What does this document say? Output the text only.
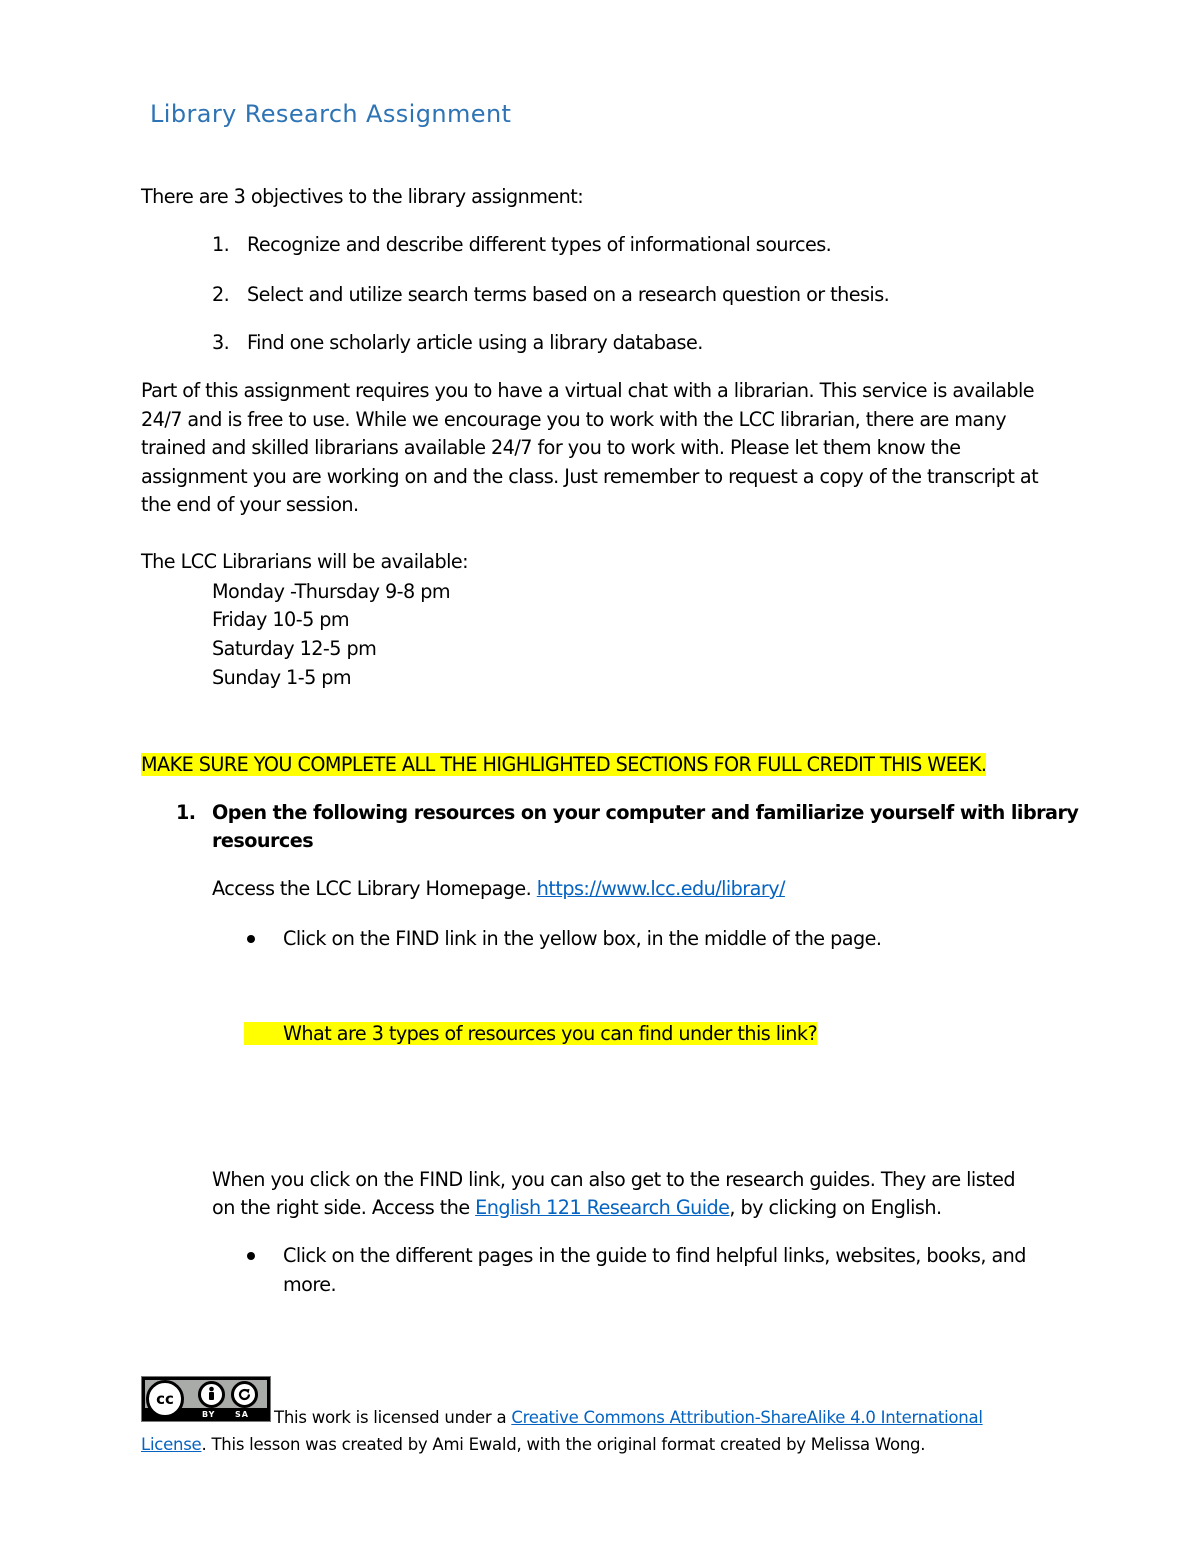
Library Research Assignment
There are 3 objectives to the library assignment:
1. Recognize and describe different types of informational sources.
2. Select and utilize search terms based on a research question or thesis.
3. Find one scholarly article using a library database.
Part of this assignment requires you to have a virtual chat with a librarian. This service is available 24/7 and is free to use. While we encourage you to work with the LCC librarian, there are many trained and skilled librarians available 24/7 for you to work with. Please let them know the assignment you are working on and the class. Just remember to request a copy of the transcript at the end of your session.
The LCC Librarians will be available:
Monday -Thursday 9-8 pm
Friday 10-5 pm
Saturday 12-5 pm
Sunday 1-5 pm
MAKE SURE YOU COMPLETE ALL THE HIGHLIGHTED SECTIONS FOR FULL CREDIT THIS WEEK.
1. Open the following resources on your computer and familiarize yourself with library
resources
Access the LCC Library Homepage. https://www.lcc.edu/library/
Click on the FIND link in the yellow box, in the middle of the page.
What are 3 types of resources you can find under this link?
When you click on the FIND link, you can also get to the research guides. They are listed
on the right side. Access the English 121 Research Guide, by clicking on English.
Click on the different pages in the guide to find helpful links, websites, books, and
more.
cc
BY SA This work is licensed under a Creative Commons Attribution-ShareAlike 4.0 International
License. This lesson was created by Ami Ewald, with the original format created by Melissa Wong.
